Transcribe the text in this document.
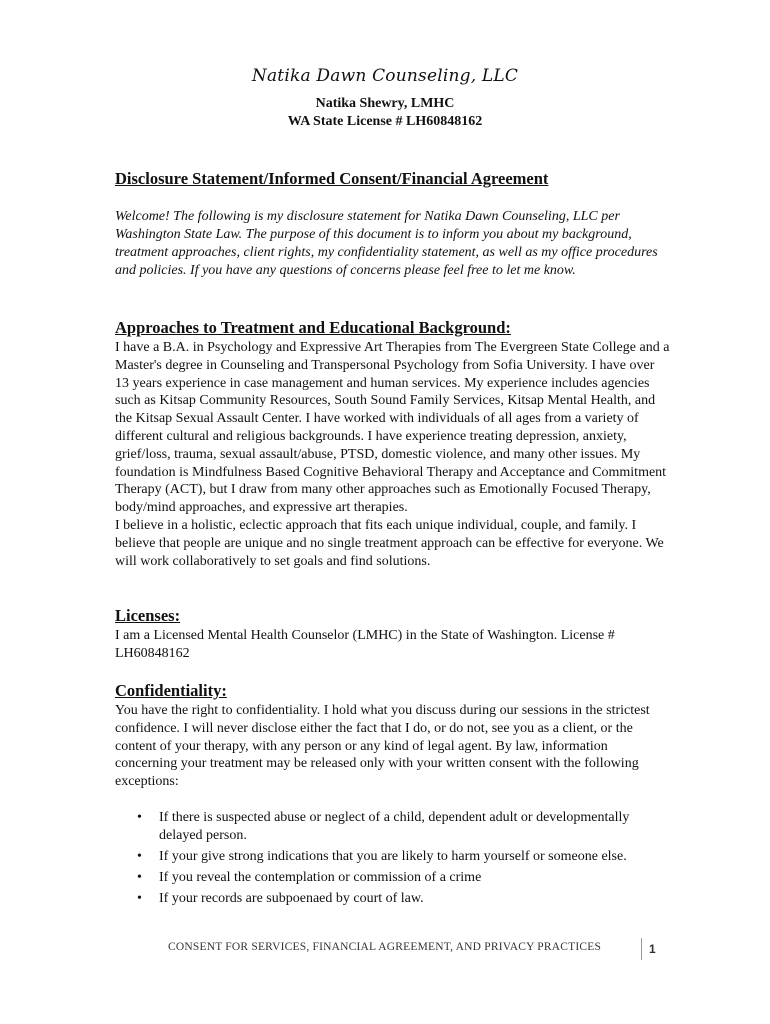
Natika Dawn Counseling, LLC
Natika Shewry, LMHC
WA State License # LH60848162
Disclosure Statement/Informed Consent/Financial Agreement
Welcome! The following is my disclosure statement for Natika Dawn Counseling, LLC per Washington State Law. The purpose of this document is to inform you about my background, treatment approaches, client rights, my confidentiality statement, as well as my office procedures and policies. If you have any questions of concerns please feel free to let me know.
Approaches to Treatment and Educational Background:

I have a B.A. in Psychology and Expressive Art Therapies from The Evergreen State College and a Master's degree in Counseling and Transpersonal Psychology from Sofia University. I have over 13 years experience in case management and human services. My experience includes agencies such as Kitsap Community Resources, South Sound Family Services, Kitsap Mental Health, and the Kitsap Sexual Assault Center. I have worked with individuals of all ages from a variety of different cultural and religious backgrounds. I have experience treating depression, anxiety, grief/loss, trauma, sexual assault/abuse, PTSD, domestic violence, and many other issues. My foundation is Mindfulness Based Cognitive Behavioral Therapy and Acceptance and Commitment Therapy (ACT), but I draw from many other approaches such as Emotionally Focused Therapy, body/mind approaches, and expressive art therapies.

I believe in a holistic, eclectic approach that fits each unique individual, couple, and family. I believe that people are unique and no single treatment approach can be effective for everyone. We will work collaboratively to set goals and find solutions.

Licenses:
I am a Licensed Mental Health Counselor (LMHC) in the State of Washington. License # LH60848162
Confidentiality:
You have the right to confidentiality. I hold what you discuss during our sessions in the strictest confidence. I will never disclose either the fact that I do, or do not, see you as a client, or the content of your therapy, with any person or any kind of legal agent. By law, information concerning your treatment may be released only with your written consent with the following exceptions:
• If there is suspected abuse or neglect of a child, dependent adult or developmentally delayed person.
• If your give strong indications that you are likely to harm yourself or someone else.
• If you reveal the contemplation or commission of a crime
• If your records are subpoenaed by court of law.
CONSENT FOR SERVICES, FINANCIAL AGREEMENT, AND PRIVACY PRACTICES	1
